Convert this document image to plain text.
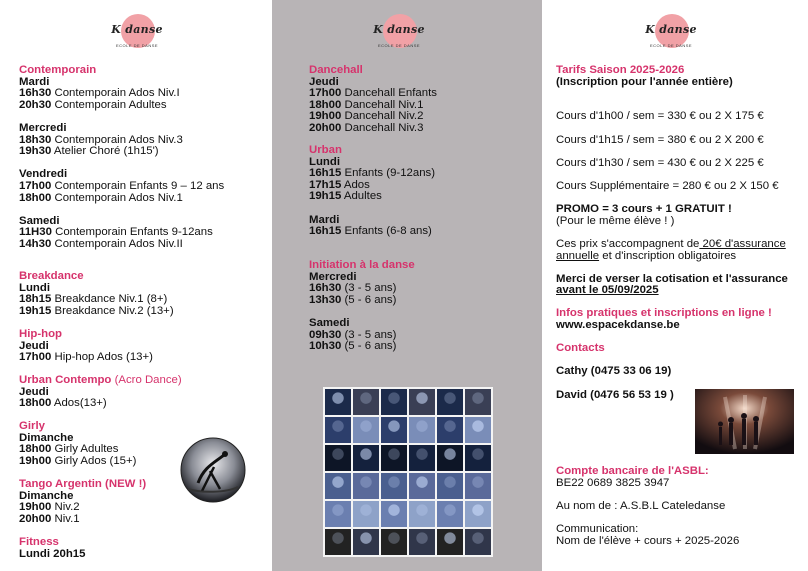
K danse
ECOLE DE DANSE
Contemporain
Mardi
16h30 Contemporain Ados Niv.I
20h30 Contemporain Adultes
Mercredi
18h30 Contemporain Ados Niv.3
19h30 Atelier Choré (1h15')
Vendredi
17h00 Contemporain Enfants 9 – 12 ans
18h00 Contemporain Ados Niv.1
Samedi
11H30 Contemporain Enfants 9-12ans
14h30 Contemporain Ados Niv.II
Breakdance
Lundi
18h15 Breakdance Niv.1 (8+)
19h15 Breakdance Niv.2 (13+)
Hip-hop
Jeudi
17h00 Hip-hop Ados (13+)
Urban Contempo (Acro Dance)
Jeudi
18h00 Ados(13+)
Girly
Dimanche
18h00 Girly Adultes
19h00 Girly Ados (15+)
Tango Argentin (NEW !)
Dimanche
19h00 Niv.2
20h00 Niv.1
Fitness
Lundi 20h15
K danse
ECOLE DE DANSE
Dancehall
Jeudi
17h00 Dancehall Enfants
18h00 Dancehall Niv.1
19h00 Dancehall Niv.2
20h00 Dancehall Niv.3
Urban
Lundi
16h15 Enfants (9-12ans)
17h15 Ados
19h15 Adultes
Mardi
16h15 Enfants (6-8 ans)
Initiation à la danse
Mercredi
16h30 (3 - 5 ans)
13h30 (5 - 6 ans)
Samedi
09h30 (3 - 5 ans)
10h30 (5 - 6 ans)
K danse
ECOLE DE DANSE
Tarifs Saison 2025-2026
(Inscription pour l'année entière)
Cours d'1h00 / sem = 330 € ou 2 X 175 €
Cours d'1h15 / sem = 380 € ou 2 X 200 €
Cours d'1h30 / sem = 430 € ou 2 X 225 €
Cours Supplémentaire = 280 € ou 2 X 150 €
PROMO = 3 cours + 1 GRATUIT !
(Pour le même élève ! )
Ces prix s'accompagnent de 20€ d'assurance
annuelle et d'inscription obligatoires
Merci de verser la cotisation et l'assurance
avant le 05/09/2025
Infos pratiques et inscriptions en ligne !
www.espacekdanse.be
Contacts
Cathy (0475 33 06 19)
David (0476 56 53 19 )
Compte bancaire de l'ASBL:
BE22 0689 3825 3947
Au nom de : A.S.B.L Cateledanse
Communication:
Nom de l'élève + cours + 2025-2026
